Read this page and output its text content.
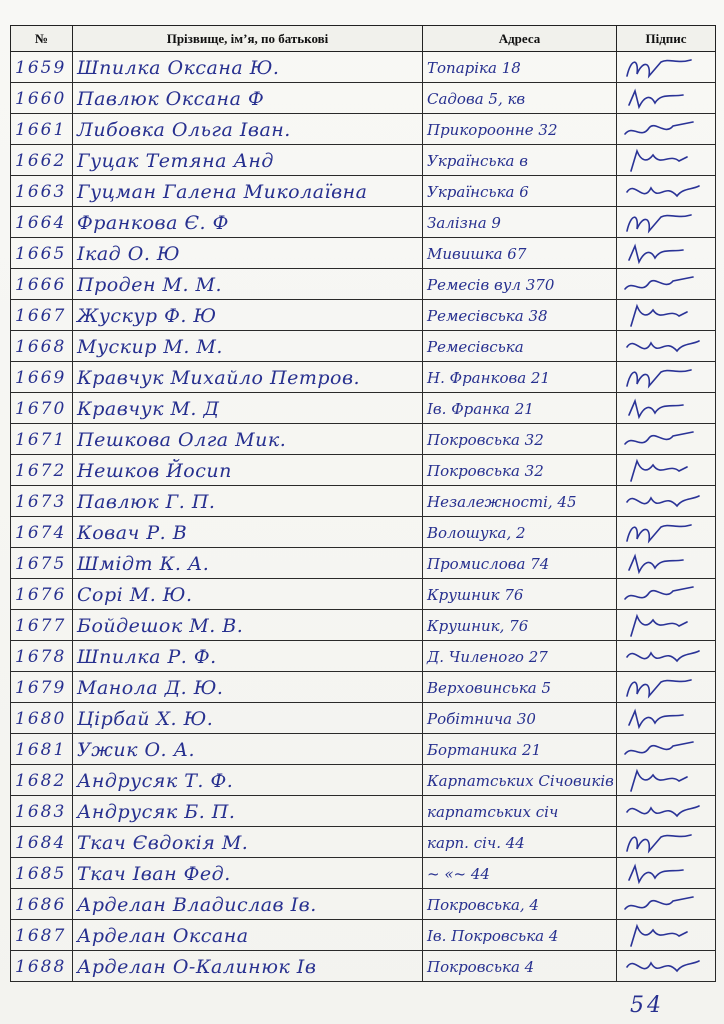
№	Прізвище, ім’я, по батькові	Адреса	Підпис
1659	Шпилка Оксана Ю.	Топаріка 18	

1660	Павлюк Оксана Ф	Садова 5, кв	

1661	Либовка Ольга Іван.	Прикорооннe 32	

1662	Гуцак Тетяна Анд	Українська в	

1663	Гуцман Галена Миколаївна	Українська 6	

1664	Франкова Є. Ф	Залізна 9	

1665	Ікад О. Ю	Мивишка 67	

1666	Проден М. М.	Ремесів вул 370	

1667	Жускур Ф. Ю	Ремесівська 38	

1668	Мускир М. М.	Ремесівська	

1669	Кравчук Михайло Петров.	Н. Франкова 21	

1670	Кравчук М. Д	Ів. Франка 21	

1671	Пешкова Олга Мик.	Покровська 32	

1672	Нешков Йосип	Покровська 32	

1673	Павлюк Г. П.	Незалежності, 45	

1674	Ковач Р. В	Волошука, 2	

1675	Шмідт К. А.	Промислова 74	

1676	Сорі М. Ю.	Крушник 76	

1677	Бойдешок М. В.	Крушник, 76	

1678	Шпилка Р. Ф.	Д. Чиленого 27	

1679	Манола Д. Ю.	Верховинська 5	

1680	Цірбай Х. Ю.	Робітнича 30	

1681	Ужик О. А.	Бортаника 21	

1682	Андрусяк Т. Ф.	Карпатських Січовиків	

1683	Андрусяк Б. П.	карпатських січ	

1684	Ткач Євдокія М.	карп. січ. 44	

1685	Ткач Іван Фед.	~ «~ 44	

1686	Арделан Владислав Ів.	Покровська, 4	

1687	Арделан Оксана	Ів. Покровська 4	

1688	Арделан О-Калинюк Ів	Покровська 4	
54
